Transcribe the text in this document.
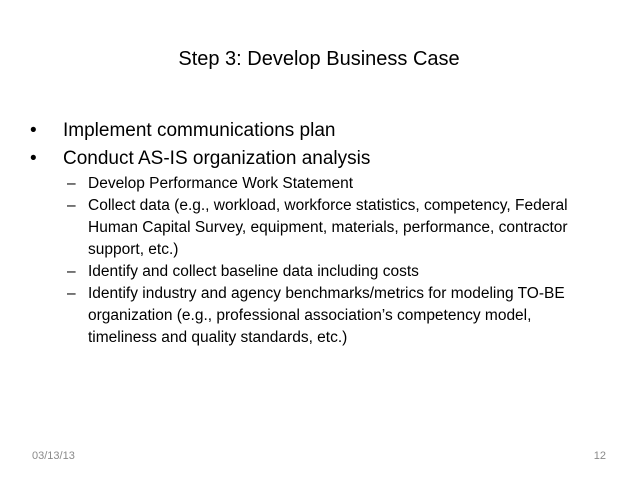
Step 3: Develop Business Case
•	Implement communications plan
•	Conduct AS-IS organization analysis
– Develop Performance Work Statement
– Collect data (e.g., workload, workforce statistics, competency, Federal Human Capital Survey, equipment, materials, performance, contractor support, etc.)
– Identify and collect baseline data including costs
– Identify industry and agency benchmarks/metrics for modeling TO-BE organization (e.g., professional association’s competency model, timeliness and quality standards, etc.)
03/13/13	12
